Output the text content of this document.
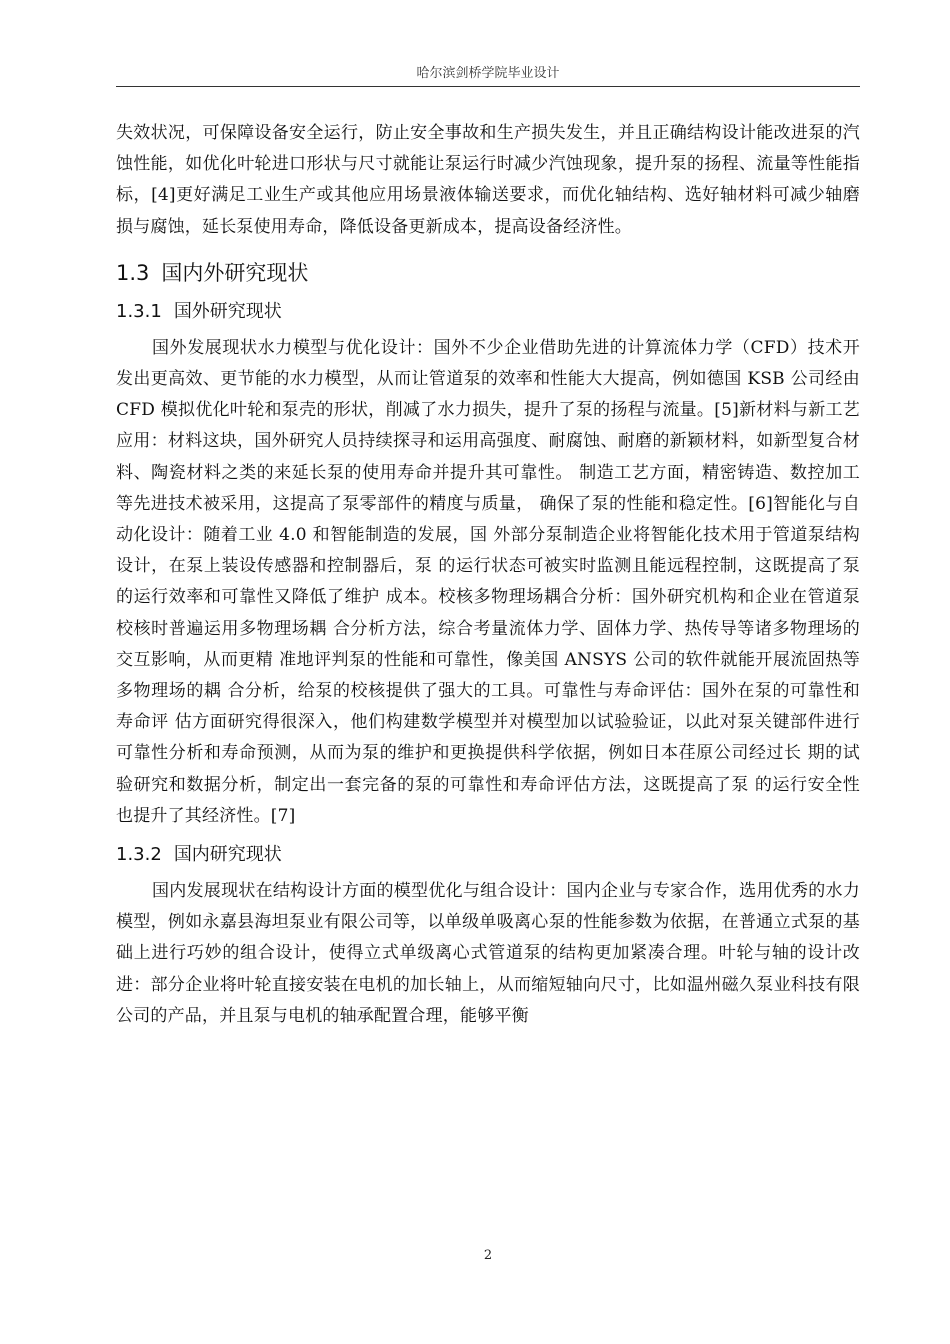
哈尔滨剑桥学院毕业设计

失效状况，可保障设备安全运行，防止安全事故和生产损失发生，并且正确结构设计能改进泵的汽蚀性能，如优化叶轮进口形状与尺寸就能让泵运行时减少汽蚀现象，提升泵的扬程、流量等性能指标，[4]更好满足工业生产或其他应用场景液体输送要求，而优化轴结构、选好轴材料可减少轴磨损与腐蚀，延长泵使用寿命，降低设备更新成本，提高设备经济性。

1.3 国内外研究现状
1.3.1 国外研究现状

国外发展现状水力模型与优化设计：国外不少企业借助先进的计算流体力学（CFD）技术开发出更高效、更节能的水力模型，从而让管道泵的效率和性能大大提高，例如德国 KSB 公司经由 CFD 模拟优化叶轮和泵壳的形状，削减了水力损失，提升了泵的扬程与流量。[5]新材料与新工艺应用：材料这块，国外研究人员持续探寻和运用高强度、耐腐蚀、耐磨的新颖材料，如新型复合材料、陶瓷材料之类的来延长泵的使用寿命并提升其可靠性。 制造工艺方面，精密铸造、数控加工等先进技术被采用，这提高了泵零部件的精度与质量， 确保了泵的性能和稳定性。[6]智能化与自动化设计：随着工业 4.0 和智能制造的发展，国 外部分泵制造企业将智能化技术用于管道泵结构设计，在泵上装设传感器和控制器后，泵 的运行状态可被实时监测且能远程控制，这既提高了泵的运行效率和可靠性又降低了维护 成本。校核多物理场耦合分析：国外研究机构和企业在管道泵校核时普遍运用多物理场耦 合分析方法，综合考量流体力学、固体力学、热传导等诸多物理场的交互影响，从而更精 准地评判泵的性能和可靠性，像美国 ANSYS 公司的软件就能开展流固热等多物理场的耦 合分析，给泵的校核提供了强大的工具。可靠性与寿命评估：国外在泵的可靠性和寿命评 估方面研究得很深入，他们构建数学模型并对模型加以试验验证，以此对泵关键部件进行 可靠性分析和寿命预测，从而为泵的维护和更换提供科学依据，例如日本荏原公司经过长 期的试验研究和数据分析，制定出一套完备的泵的可靠性和寿命评估方法，这既提高了泵 的运行安全性也提升了其经济性。[7]

1.3.2 国内研究现状

国内发展现状在结构设计方面的模型优化与组合设计：国内企业与专家合作，选用优秀的水力模型，例如永嘉县海坦泵业有限公司等，以单级单吸离心泵的性能参数为依据，在普通立式泵的基础上进行巧妙的组合设计，使得立式单级离心式管道泵的结构更加紧凑合理。叶轮与轴的设计改进：部分企业将叶轮直接安装在电机的加长轴上，从而缩短轴向尺寸，比如温州磁久泵业科技有限公司的产品，并且泵与电机的轴承配置合理，能够平衡

2
